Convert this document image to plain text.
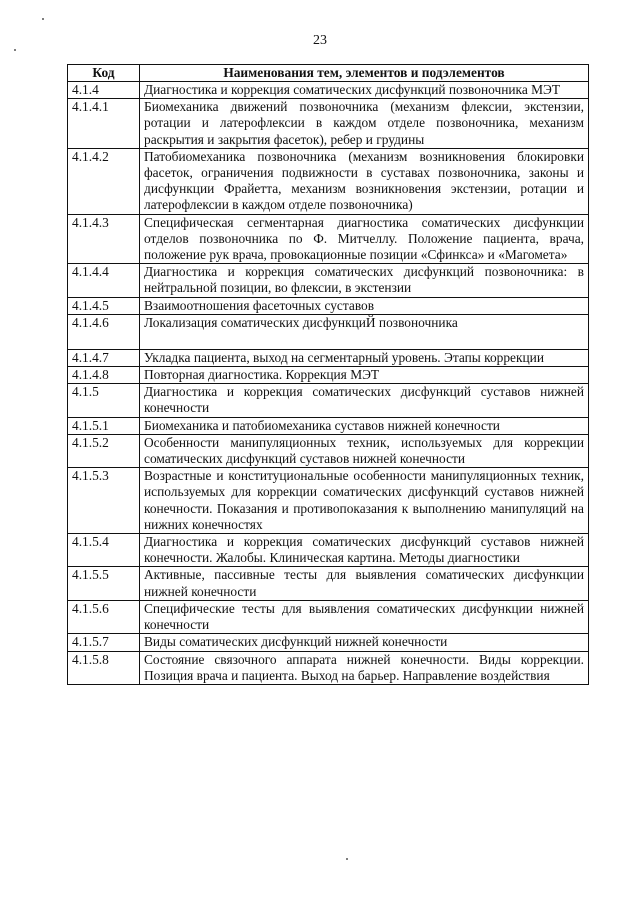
23
Код	Наименования тем, элементов и подэлементов
4.1.4	Диагностика и коррекция соматических дисфункций позвоночника МЭТ
4.1.4.1	Биомеханика движений позвоночника (механизм флексии, экстензии, ротации и латерофлексии в каждом отделе позвоночника, механизм раскрытия и закрытия фасеток), ребер и грудины
4.1.4.2	Патобиомеханика позвоночника (механизм возникновения блокировки фасеток, ограничения подвижности в суставах позвоночника, законы и дисфункции Фрайетта, механизм возникновения экстензии, ротации и латерофлексии в каждом отделе позвоночника)
4.1.4.3	Специфическая сегментарная диагностика соматических дисфункции отделов позвоночника по Ф. Митчеллу. Положение пациента, врача, положение рук врача, провокационные позиции «Сфинкса» и «Магомета»
4.1.4.4	Диагностика и коррекция соматических дисфункций позвоночника: в нейтральной позиции, во флексии, в экстензии
4.1.4.5	Взаимоотношения фасеточных суставов
4.1.4.6	Локализация соматических дисфункциЙ позвоночника
4.1.4.7	Укладка пациента, выход на сегментарный уровень. Этапы коррекции
4.1.4.8	Повторная диагностика. Коррекция МЭТ
4.1.5	Диагностика и коррекция соматических дисфункций суставов нижней конечности
4.1.5.1	Биомеханика и патобиомеханика суставов нижней конечности
4.1.5.2	Особенности манипуляционных техник, используемых для коррекции соматических дисфункций суставов нижней конечности
4.1.5.3	Возрастные и конституциональные особенности манипуляционных техник, используемых для коррекции соматических дисфункций суставов нижней конечности. Показания и противопоказания к выполнению манипуляций на нижних конечностях
4.1.5.4	Диагностика и коррекция соматических дисфункций суставов нижней конечности. Жалобы. Клиническая картина. Методы диагностики
4.1.5.5	Активные, пассивные тесты для выявления соматических дисфункции нижней конечности
4.1.5.6	Специфические тесты для выявления соматических дисфункции нижней конечности
4.1.5.7	Виды соматических дисфункций нижней конечности
4.1.5.8	Состояние связочного аппарата нижней конечности. Виды коррекции. Позиция врача и пациента. Выход на барьер. Направление воздействия
